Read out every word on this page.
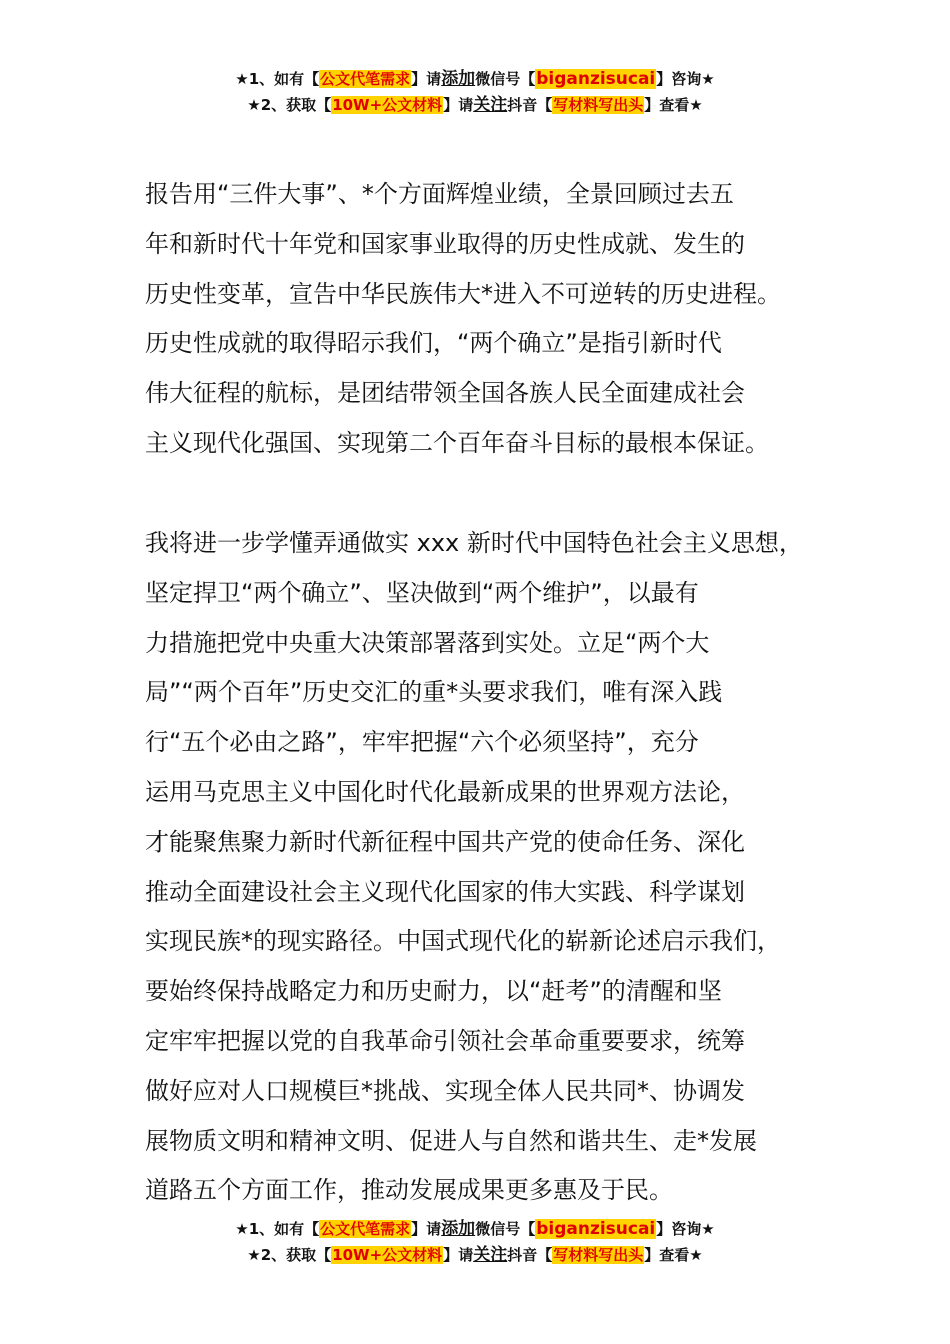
★1、如有【公文代笔需求】请添加微信号【biganzisucai】咨询★
★2、获取【10W+公文材料】请关注抖音【写材料写出头】查看★

报告用“三件大事”、*个方面辉煌业绩，全景回顾过去五
年和新时代十年党和国家事业取得的历史性成就、发生的
历史性变革，宣告中华民族伟大*进入不可逆转的历史进程。
历史性成就的取得昭示我们，“两个确立”是指引新时代
伟大征程的航标，是团结带领全国各族人民全面建成社会
主义现代化强国、实现第二个百年奋斗目标的最根本保证。

我将进一步学懂弄通做实 xxx 新时代中国特色社会主义思想，
坚定捍卫“两个确立”、坚决做到“两个维护”，以最有
力措施把党中央重大决策部署落到实处。立足“两个大
局”“两个百年”历史交汇的重*头要求我们，唯有深入践
行“五个必由之路”，牢牢把握“六个必须坚持”，充分
运用马克思主义中国化时代化最新成果的世界观方法论，
才能聚焦聚力新时代新征程中国共产党的使命任务、深化
推动全面建设社会主义现代化国家的伟大实践、科学谋划
实现民族*的现实路径。中国式现代化的崭新论述启示我们，
要始终保持战略定力和历史耐力，以“赶考”的清醒和坚
定牢牢把握以党的自我革命引领社会革命重要要求，统筹
做好应对人口规模巨*挑战、实现全体人民共同*、协调发
展物质文明和精神文明、促进人与自然和谐共生、走*发展
道路五个方面工作，推动发展成果更多惠及于民。

★1、如有【公文代笔需求】请添加微信号【biganzisucai】咨询★
★2、获取【10W+公文材料】请关注抖音【写材料写出头】查看★
